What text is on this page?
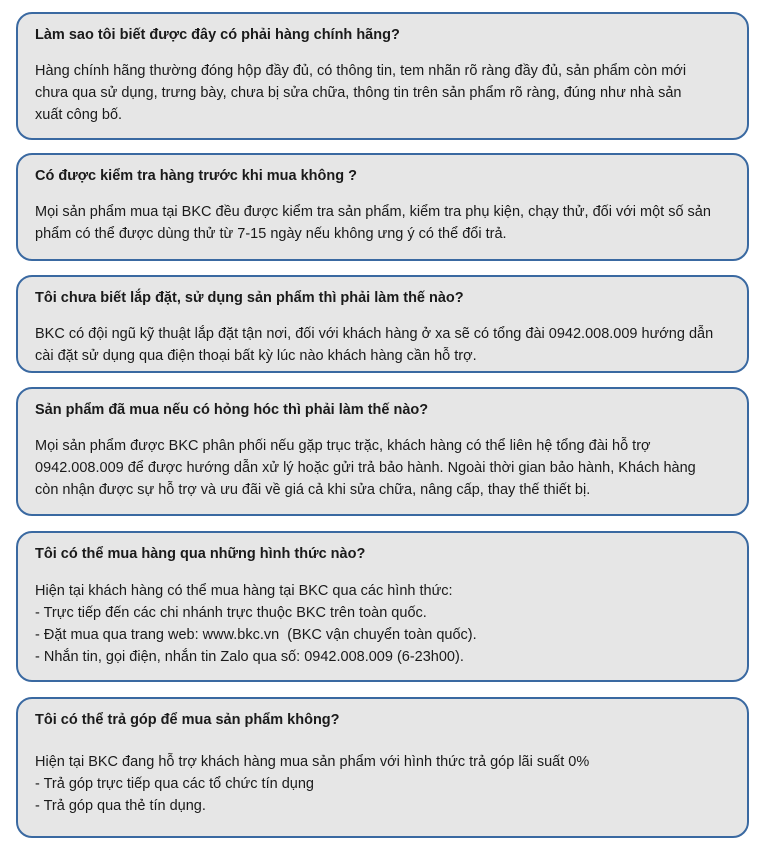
Làm sao tôi biết được đây có phải hàng chính hãng?

Hàng chính hãng thường đóng hộp đầy đủ, có thông tin, tem nhãn rõ ràng đầy đủ, sản phẩm còn mới
chưa qua sử dụng, trưng bày, chưa bị sửa chữa, thông tin trên sản phẩm rõ ràng, đúng như nhà sản
xuất công bố.

Có được kiểm tra hàng trước khi mua không ?

Mọi sản phẩm mua tại BKC đều được kiểm tra sản phẩm, kiểm tra phụ kiện, chạy thử, đối với một số sản
phẩm có thể được dùng thử từ 7-15 ngày nếu không ưng ý có thể đổi trả.

Tôi chưa biết lắp đặt, sử dụng sản phẩm thì phải làm thế nào?

BKC có đội ngũ kỹ thuật lắp đặt tận nơi, đối với khách hàng ở xa sẽ có tổng đài 0942.008.009 hướng dẫn
cài đặt sử dụng qua điện thoại bất kỳ lúc nào khách hàng cần hỗ trợ.

Sản phẩm đã mua nếu có hỏng hóc thì phải làm thế nào?

Mọi sản phẩm được BKC phân phối nếu gặp trục trặc, khách hàng có thể liên hệ tổng đài hỗ trợ
0942.008.009 để được hướng dẫn xử lý hoặc gửi trả bảo hành. Ngoài thời gian bảo hành, Khách hàng
còn nhận được sự hỗ trợ và ưu đãi về giá cả khi sửa chữa, nâng cấp, thay thế thiết bị.

Tôi có thể mua hàng qua những hình thức nào?

Hiện tại khách hàng có thể mua hàng tại BKC qua các hình thức:
- Trực tiếp đến các chi nhánh trực thuộc BKC trên toàn quốc.
- Đặt mua qua trang web: www.bkc.vn  (BKC vận chuyển toàn quốc).
- Nhắn tin, gọi điện, nhắn tin Zalo qua số: 0942.008.009 (6-23h00).

Tôi có thể trả góp để mua sản phẩm không?

Hiện tại BKC đang hỗ trợ khách hàng mua sản phẩm với hình thức trả góp lãi suất 0%
- Trả góp trực tiếp qua các tổ chức tín dụng
- Trả góp qua thẻ tín dụng.
